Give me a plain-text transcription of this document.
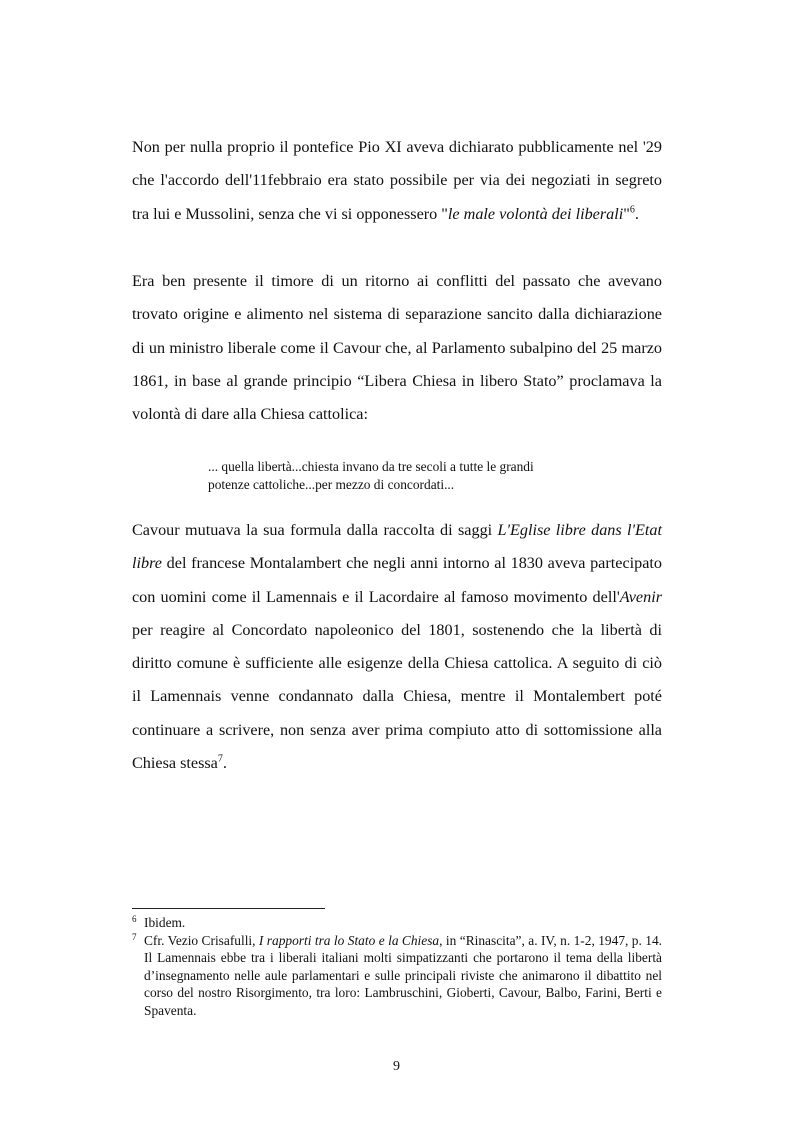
Non per nulla proprio il pontefice Pio XI aveva dichiarato pubblicamente nel '29 che l'accordo dell'11febbraio era stato possibile per via dei negoziati in segreto tra lui e Mussolini, senza che vi si opponessero "le male volontà dei liberali"$^6$.

Era ben presente il timore di un ritorno ai conflitti del passato che avevano trovato origine e alimento nel sistema di separazione sancito dalla dichiarazione di un ministro liberale come il Cavour che, al Parlamento subalpino del 25 marzo 1861, in base al grande principio “Libera Chiesa in libero Stato” proclamava la volontà di dare alla Chiesa cattolica:

... quella libertà...chiesta invano da tre secoli a tutte le grandi
potenze cattoliche...per mezzo di concordati...

Cavour mutuava la sua formula dalla raccolta di saggi L'Eglise libre dans l'Etat libre del francese Montalambert che negli anni intorno al 1830 aveva partecipato con uomini come il Lamennais e il Lacordaire al famoso movimento dell'Avenir per reagire al Concordato napoleonico del 1801, sostenendo che la libertà di diritto comune è sufficiente alle esigenze della Chiesa cattolica. A seguito di ciò il Lamennais venne condannato dalla Chiesa, mentre il Montalembert poté continuare a scrivere, non senza aver prima compiuto atto di sottomissione alla Chiesa stessa$^7$.

6 Ibidem.

7 Cfr. Vezio Crisafulli, I rapporti tra lo Stato e la Chiesa, in “Rinascita”, a. IV, n. 1-2, 1947, p. 14. Il Lamennais ebbe tra i liberali italiani molti simpatizzanti che portarono il tema della libertà d’insegnamento nelle aule parlamentari e sulle principali riviste che animarono il dibattito nel corso del nostro Risorgimento, tra loro: Lambruschini, Gioberti, Cavour, Balbo, Farini, Berti e Spaventa.

9
